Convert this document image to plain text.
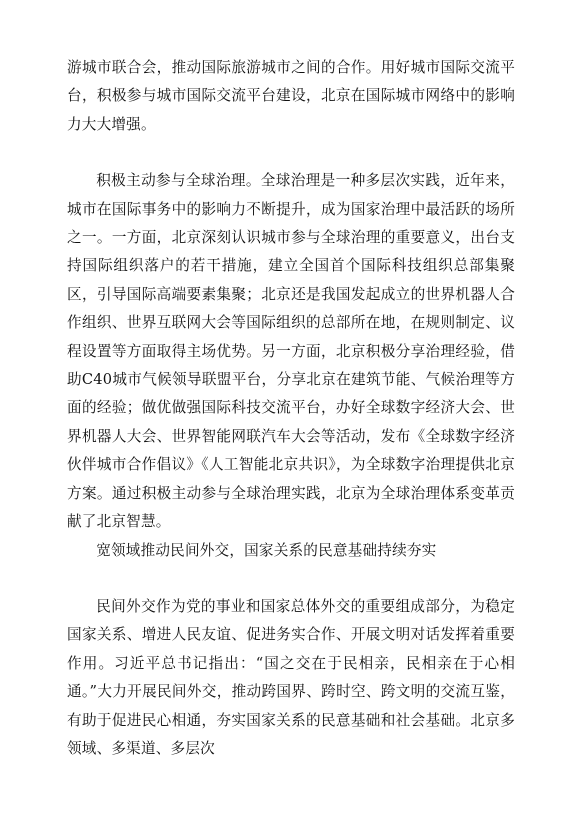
游城市联合会，推动国际旅游城市之间的合作。用好城市国际交流平台，积极参与城市国际交流平台建设，北京在国际城市网络中的影响力大大增强。

积极主动参与全球治理。全球治理是一种多层次实践，近年来，城市在国际事务中的影响力不断提升，成为国家治理中最活跃的场所之一。一方面，北京深刻认识城市参与全球治理的重要意义，出台支持国际组织落户的若干措施，建立全国首个国际科技组织总部集聚区，引导国际高端要素集聚；北京还是我国发起成立的世界机器人合作组织、世界互联网大会等国际组织的总部所在地，在规则制定、议程设置等方面取得主场优势。另一方面，北京积极分享治理经验，借助C40城市气候领导联盟平台，分享北京在建筑节能、气候治理等方面的经验；做优做强国际科技交流平台，办好全球数字经济大会、世界机器人大会、世界智能网联汽车大会等活动，发布《全球数字经济伙伴城市合作倡议》《人工智能北京共识》，为全球数字治理提供北京方案。通过积极主动参与全球治理实践，北京为全球治理体系变革贡献了北京智慧。

宽领域推动民间外交，国家关系的民意基础持续夯实

民间外交作为党的事业和国家总体外交的重要组成部分，为稳定国家关系、增进人民友谊、促进务实合作、开展文明对话发挥着重要作用。习近平总书记指出：“国之交在于民相亲，民相亲在于心相通。”大力开展民间外交，推动跨国界、跨时空、跨文明的交流互鉴，有助于促进民心相通，夯实国家关系的民意基础和社会基础。北京多领域、多渠道、多层次
